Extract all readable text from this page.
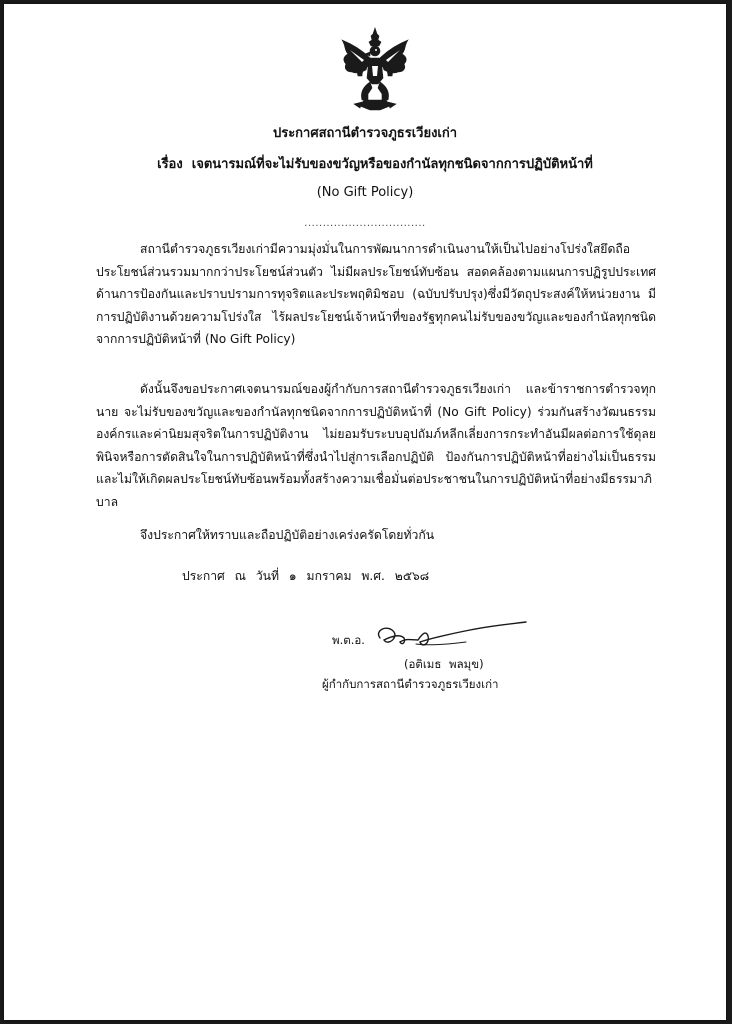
ประกาศสถานีตำรวจภูธรเวียงเก่า
เรื่อง เจตนารมณ์ที่จะไม่รับของขวัญหรือของกำนัลทุกชนิดจากการปฏิบัติหน้าที่
(No Gift Policy)
.................................
สถานีตำรวจภูธรเวียงเก่ามีความมุ่งมั่นในการพัฒนาการดำเนินงานให้เป็นไปอย่างโปร่งใสยึดถือ
ประโยชน์ส่วนรวมมากกว่าประโยชน์ส่วนตัว ไม่มีผลประโยชน์ทับซ้อน สอดคล้องตามแผนการปฏิรูปประเทศ
ด้านการป้องกันและปราบปรามการทุจริตและประพฤติมิชอบ (ฉบับปรับปรุง)ซึ่งมีวัตถุประสงค์ให้หน่วยงาน มี
การปฏิบัติงานด้วยความโปร่งใส ไร้ผลประโยชน์เจ้าหน้าที่ของรัฐทุกคนไม่รับของขวัญและของกำนัลทุกชนิด
จากการปฏิบัติหน้าที่ (No Gift Policy)
ดังนั้นจึงขอประกาศเจตนารมณ์ของผู้กำกับการสถานีตำรวจภูธรเวียงเก่า และข้าราชการตำรวจทุก
นาย จะไม่รับของขวัญและของกำนัลทุกชนิดจากการปฏิบัติหน้าที่ (No Gift Policy) ร่วมกันสร้างวัฒนธรรม
องค์กรและค่านิยมสุจริตในการปฏิบัติงาน ไม่ยอมรับระบบอุปถัมภ์หลีกเลี่ยงการกระทำอันมีผลต่อการใช้ดุลย
พินิจหรือการตัดสินใจในการปฏิบัติหน้าที่ซึ่งนำไปสู่การเลือกปฏิบัติ ป้องกันการปฏิบัติหน้าที่อย่างไม่เป็นธรรม
และไม่ให้เกิดผลประโยชน์ทับซ้อนพร้อมทั้งสร้างความเชื่อมั่นต่อประชาชนในการปฏิบัติหน้าที่อย่างมีธรรมาภิ
บาล
จึงประกาศให้ทราบและถือปฏิบัติอย่างเคร่งครัดโดยทั่วกัน
ประกาศ ณ วันที่ ๑ มกราคม พ.ศ. ๒๕๖๘
พ.ต.อ.
(อติเมธ พลมุข)
ผู้กำกับการสถานีตำรวจภูธรเวียงเก่า
